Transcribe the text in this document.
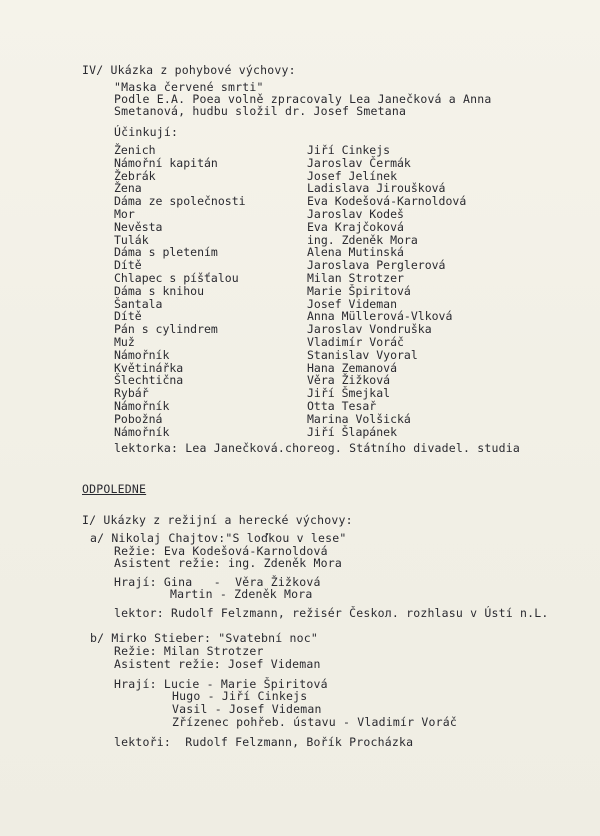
IV/ Ukázka z pohybové výchovy:
"Maska červené smrti"
Podle E.A. Poea volně zpracovaly Lea Janečková a Anna
Smetanová, hudbu složil dr. Josef Smetana
Účinkují:
Ženich	Jiří Cinkejs
Námořní kapitán	Jaroslav Čermák
Žebrák	Josef Jelínek
Žena	Ladislava Jiroušková
Dáma ze společnosti	Eva Kodešová-Karnoldová
Mor	Jaroslav Kodeš
Nevěsta	Eva Krajčoková
Tulák	ing. Zdeněk Mora
Dáma s pletením	Alena Mutinská
Dítě	Jaroslava Perglerová
Chlapec s píšťalou	Milan Strotzer
Dáma s knihou	Marie Špiritová
Šantala	Josef Videman
Dítě	Anna Müllerová-Vlková
Pán s cylindrem	Jaroslav Vondruška
Muž	Vladimír Voráč
Námořník	Stanislav Vyoral
Květinářka	Hana Zemanová
Šlechtična	Věra Žižková
Rybář	Jiří Šmejkal
Námořník	Otta Tesař
Pobožná	Marina Volšická
Námořník	Jiří Šlapánek
lektorka: Lea Janečková.choreog. Státního divadel. studia
ODPOLEDNE
I/ Ukázky z režijní a herecké výchovy:
a/ Nikolaj Chajtov:"S loďkou v lese"
Režie: Eva Kodešová-Karnoldová
Asistent režie: ing. Zdeněk Mora
Hrají: Gina   -  Věra Žižková
Martin - Zdeněk Mora
lektor: Rudolf Felzmann, režisér Českoл. rozhlasu v Ústí n.L.
b/ Mirko Stieber: "Svatební noc"
Režie: Milan Strotzer
Asistent režie: Josef Videman
Hrají: Lucie - Marie Špiritová
Hugo - Jiří Cinkejs
Vasil - Josef Videman
Zřízenec pohřeb. ústavu - Vladimír Voráč
lektoři:  Rudolf Felzmann, Bořík Procházka
